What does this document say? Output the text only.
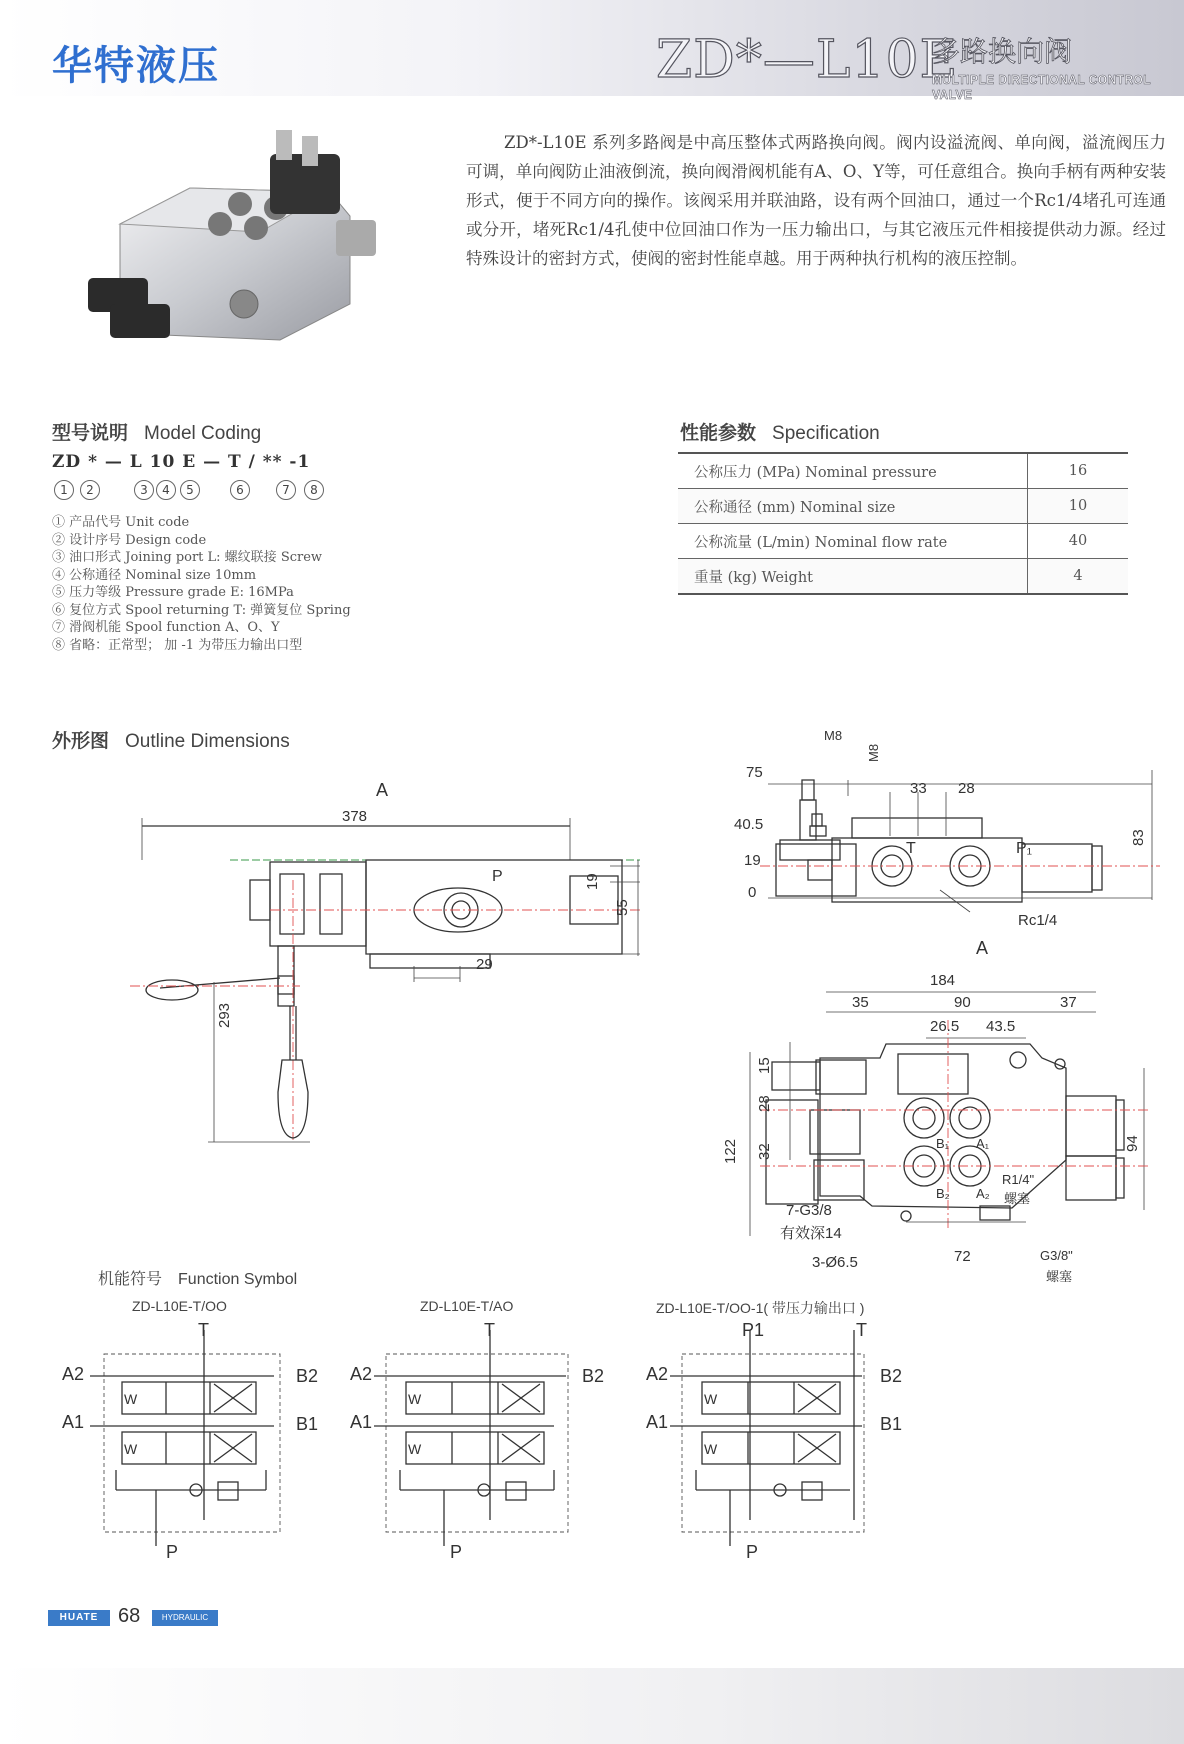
华特液压	ZD*—L10E
多路换向阀
MULTIPLE DIRECTIONAL CONTROL VALVE
ZD*-L10E 系列多路阀是中高压整体式两路换向阀。阀内设溢流阀、单向阀，溢流阀压力可调，单向阀防止油液倒流，换向阀滑阀机能有A、O、Y等，可任意组合。换向手柄有两种安装形式，便于不同方向的操作。该阀采用并联油路，设有两个回油口，通过一个Rc1/4堵孔可连通或分开，堵死Rc1/4孔使中位回油口作为一压力输出口，与其它液压元件相接提供动力源。经过特殊设计的密封方式，使阀的密封性能卓越。用于两种执行机构的液压控制。
型号说明 Model Coding
ZD * — L 10 E — T / ** -1
1	2	3	4	5	6	7	8
① 产品代号 Unit code
② 设计序号 Design code
③ 油口形式 Joining port L: 螺纹联接 Screw
④ 公称通径 Nominal size 10mm
⑤ 压力等级 Pressure grade E: 16MPa
⑥ 复位方式 Spool returning T: 弹簧复位 Spring
⑦ 滑阀机能 Spool function A、O、Y
⑧ 省略：正常型； 加 -1 为带压力输出口型
性能参数 Specification
公称压力 (MPa) Nominal pressure	16
公称通径 (mm) Nominal size	10
公称流量 (L/min) Nominal flow rate	40
重量 (kg) Weight	4
外形图 Outline Dimensions
A
378
19
55
29
293
P
M8
M8
75
40.5
19
0
33 28
83
Rc1/4
T	P₁
A
184
35	90	37
26.5 43.5
15
28
32
122	94
B₁ A₁
B₂ A₂
R1/4"
螺塞
7-G3/8
有效深14
3-Ø6.5	72	G3/8"
螺塞
机能符号 Function Symbol
ZD-L10E-T/OO
W
W
T
P
A2
A1
B2
B1
ZD-L10E-T/AO
W
W
T
P
A2
A1
B2
ZD-L10E-T/OO-1( 带压力输出口 )
W
W
P1	T
P
A2
A1
B2
B1
HUATE 68	HYDRAULIC
